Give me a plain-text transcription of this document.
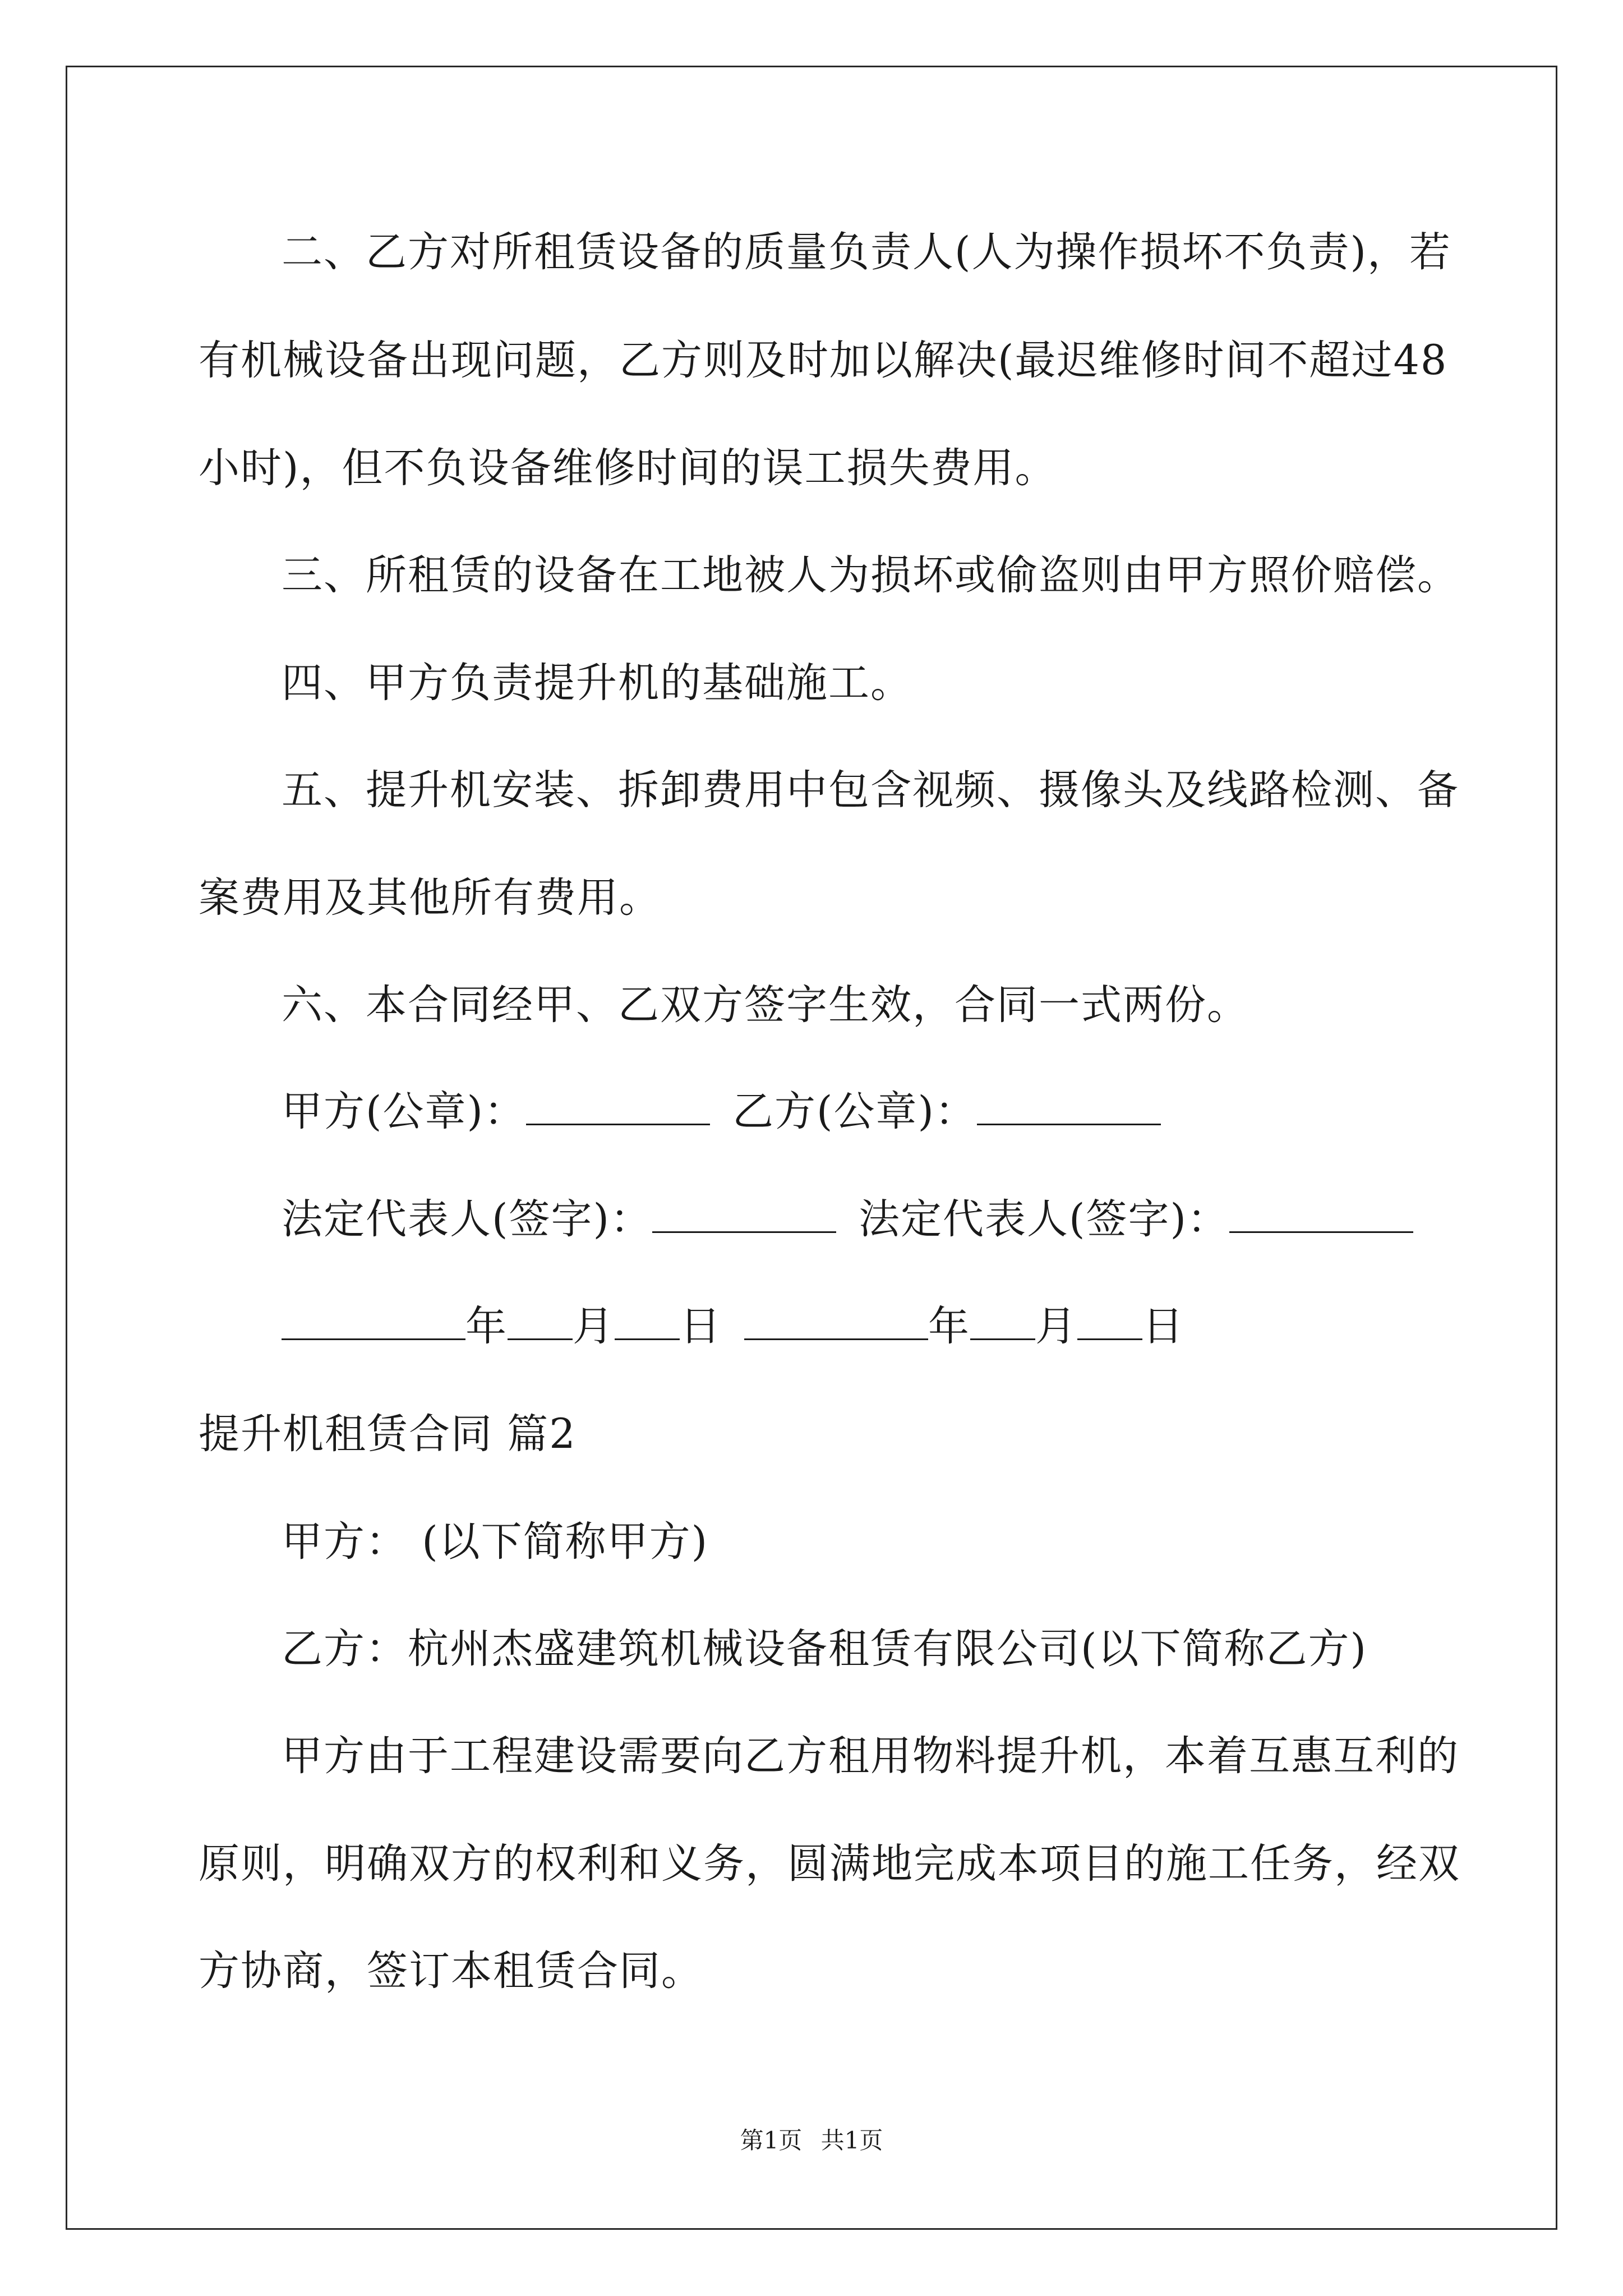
二、乙方对所租赁设备的质量负责人(人为操作损坏不负责)，若
有机械设备出现问题，乙方则及时加以解决(最迟维修时间不超过48
小时)，但不负设备维修时间的误工损失费用。
三、所租赁的设备在工地被人为损坏或偷盗则由甲方照价赔偿。
四、甲方负责提升机的基础施工。
五、提升机安装、拆卸费用中包含视频、摄像头及线路检测、备
案费用及其他所有费用。
六、本合同经甲、乙双方签字生效，合同一式两份。
甲方(公章)：	乙方(公章)：
法定代表人(签字)：	法定代表人(签字)：
年 月 日	年 月 日
提升机租赁合同 篇2
甲方： (以下简称甲方)
乙方：杭州杰盛建筑机械设备租赁有限公司(以下简称乙方)
甲方由于工程建设需要向乙方租用物料提升机，本着互惠互利的
原则，明确双方的权利和义务，圆满地完成本项目的施工任务，经双
方协商，签订本租赁合同。
第1页 共1页
